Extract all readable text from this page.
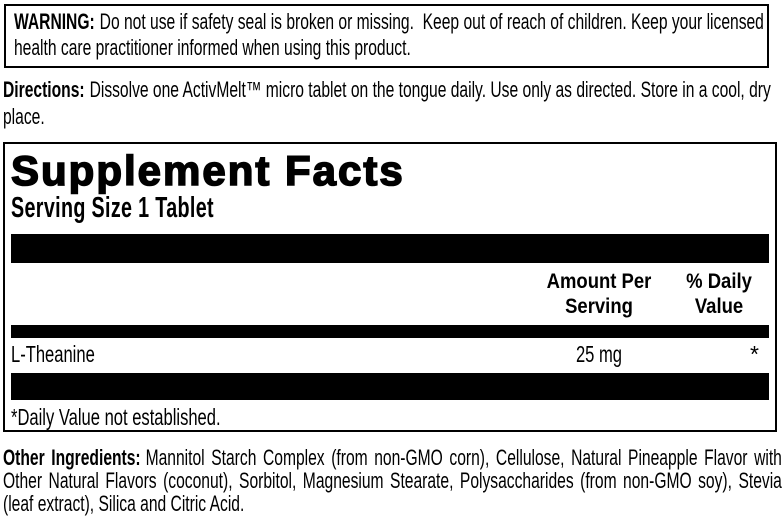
WARNING: Do not use if safety seal is broken or missing.  Keep out of reach of children. Keep your licensed
health care practitioner informed when using this product.
Directions: Dissolve one ActivMelt™ micro tablet on the tongue daily. Use only as directed. Store in a cool, dry
place.
Supplement Facts
Serving Size 1 Tablet
Amount Per Serving
% Daily Value
L-Theanine	25 mg	*
*Daily Value not established.
Other Ingredients: Mannitol Starch Complex (from non-GMO corn), Cellulose, Natural Pineapple Flavor with
Other Natural Flavors (coconut), Sorbitol, Magnesium Stearate, Polysaccharides (from non-GMO soy), Stevia
(leaf extract), Silica and Citric Acid.
